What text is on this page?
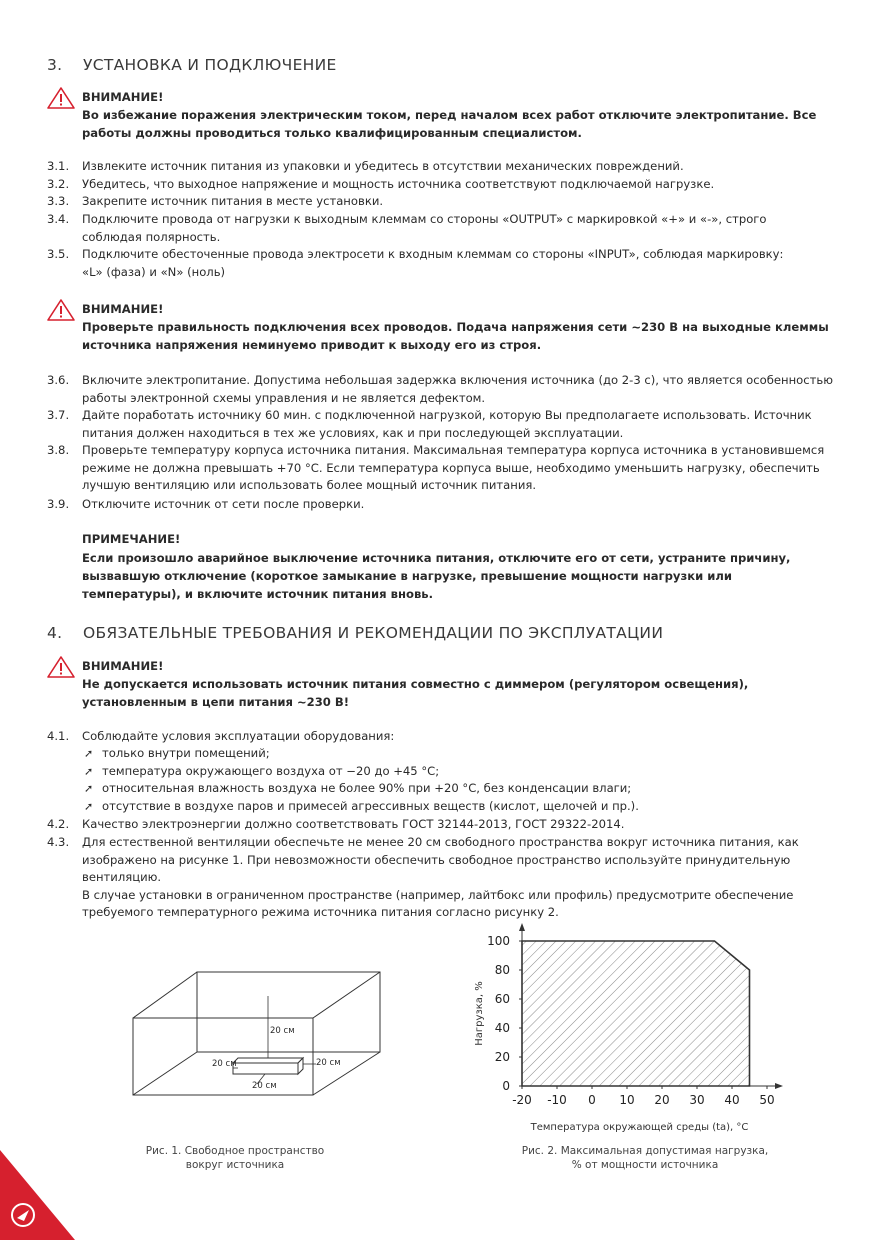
3. УСТАНОВКА И ПОДКЛЮЧЕНИЕ
ВНИМАНИЕ!
Во избежание поражения электрическим током, перед началом всех работ отключите электропитание. Все работы должны проводиться только квалифицированным специалистом.
3.1. Извлеките источник питания из упаковки и убедитесь в отсутствии механических повреждений.
3.2. Убедитесь, что выходное напряжение и мощность источника соответствуют подключаемой нагрузке.
3.3. Закрепите источник питания в месте установки.
3.4. Подключите провода от нагрузки к выходным клеммам со стороны «OUTPUT» с маркировкой «+» и «-», строго соблюдая полярность.
3.5. Подключите обесточенные провода электросети к входным клеммам со стороны «INPUT», соблюдая маркировку: «L» (фаза) и «N» (ноль)
ВНИМАНИЕ!
Проверьте правильность подключения всех проводов. Подача напряжения сети ~230 В на выходные клеммы источника напряжения неминуемо приводит к выходу его из строя.
3.6. Включите электропитание. Допустима небольшая задержка включения источника (до 2-3 с), что является особенностью работы электронной схемы управления и не является дефектом.
3.7. Дайте поработать источнику 60 мин. с подключенной нагрузкой, которую Вы предполагаете использовать. Источник питания должен находиться в тех же условиях, как и при последующей эксплуатации.
3.8. Проверьте температуру корпуса источника питания. Максимальная температура корпуса источника в установившемся режиме не должна превышать +70 °С. Если температура корпуса выше, необходимо уменьшить нагрузку, обеспечить лучшую вентиляцию или использовать более мощный источник питания.
3.9. Отключите источник от сети после проверки.
ПРИМЕЧАНИЕ!
Если произошло аварийное выключение источника питания, отключите его от сети, устраните причину, вызвавшую отключение (короткое замыкание в нагрузке, превышение мощности нагрузки или температуры), и включите источник питания вновь.
4. ОБЯЗАТЕЛЬНЫЕ ТРЕБОВАНИЯ И РЕКОМЕНДАЦИИ ПО ЭКСПЛУАТАЦИИ
ВНИМАНИЕ!
Не допускается использовать источник питания совместно с диммером (регулятором освещения), установленным в цепи питания ~230 В!
4.1. Соблюдайте условия эксплуатации оборудования:
➚ только внутри помещений;
➚ температура окружающего воздуха от −20 до +45 °С;
➚ относительная влажность воздуха не более 90% при +20 °С, без конденсации влаги;
➚ отсутствие в воздухе паров и примесей агрессивных веществ (кислот, щелочей и пр.).
4.2. Качество электроэнергии должно соответствовать ГОСТ 32144-2013, ГОСТ 29322-2014.
4.3. Для естественной вентиляции обеспечьте не менее 20 см свободного пространства вокруг источника питания, как изображено на рисунке 1. При невозможности обеспечить свободное пространство используйте принудительную вентиляцию.
В случае установки в ограниченном пространстве (например, лайтбокс или профиль) предусмотрите обеспечение требуемого температурного режима источника питания согласно рисунку 2.
20 см
20 см	20 см
20 см
Рис. 1. Свободное пространство
вокруг источника
0
20
40
60
80
100
-20 -10 0 10 20 30 40 50
Температура окружающей среды (ta), °С
Нагрузка, %
Рис. 2. Максимальная допустимая нагрузка,
% от мощности источника
